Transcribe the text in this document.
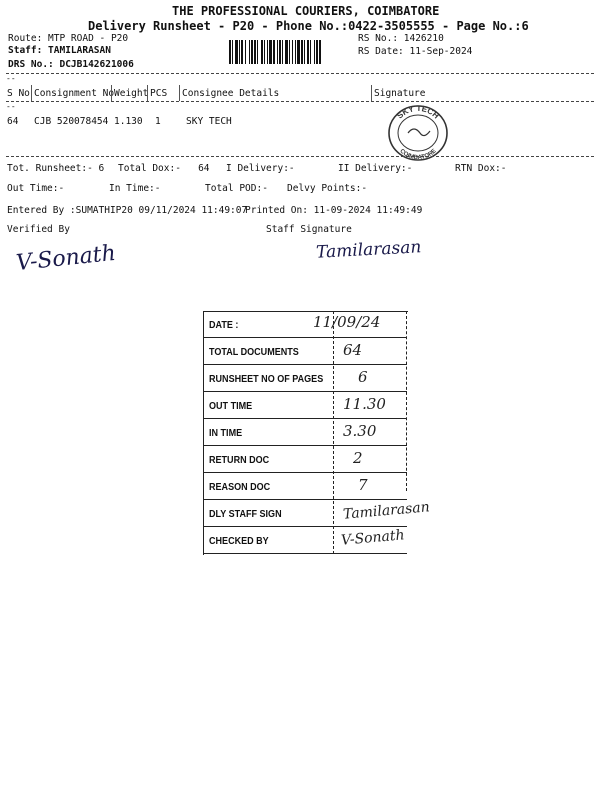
THE PROFESSIONAL COURIERS, COIMBATORE
Delivery Runsheet - P20 - Phone No.:0422-3505555 - Page No.:6
Route: MTP ROAD - P20
Staff: TAMILARASAN
DRS No.: DCJB142621006
RS No.: 1426210
RS Date: 11-Sep-2024
--
S No Consignment No Weight PCS Consignee Details	Signature
--
64 CJB 520078454 1.130 1	SKY TECH
SKY TECH
COIMBATORE
Tot. Runsheet:- 6 Total Dox:-   64 I Delivery:-	II Delivery:-	RTN Dox:-
Out Time:-	In Time:-	Total POD:- Delvy Points:-
Entered By :SUMATHIP20 09/11/2024 11:49:07
Printed On: 11-09-2024 11:49:49
Verified By	Staff Signature
V-Sonath	Tamilarasan
DATE :	11/09/24
TOTAL DOCUMENTS	64
RUNSHEET NO OF PAGES 6
OUT TIME	11.30
IN TIME	3.30
RETURN DOC	2
REASON DOC	7
DLY STAFF SIGN	Tamilarasan
CHECKED BY	V-Sonath
